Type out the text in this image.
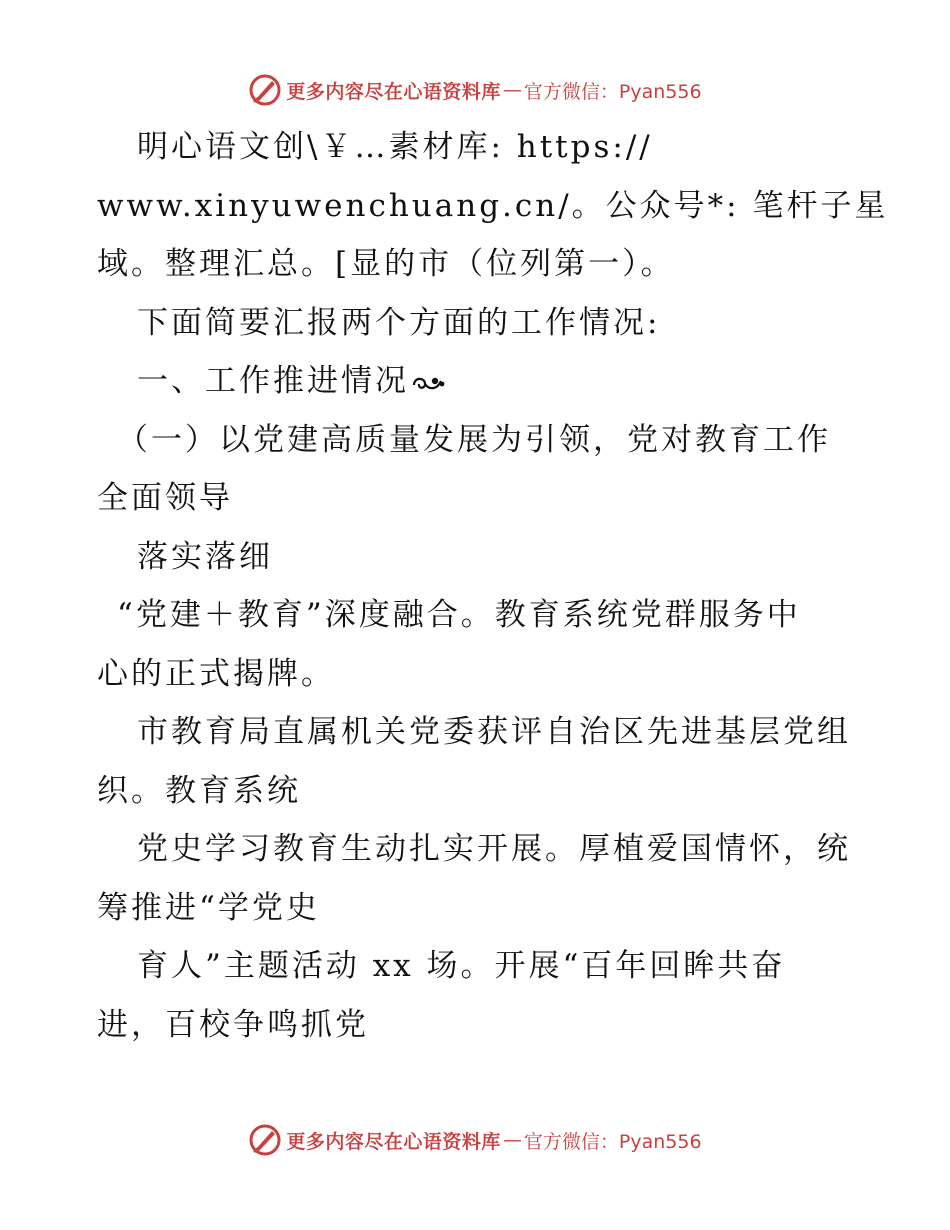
更多内容尽在心语资料库 — 官方微信：Pyan556
明心语文创\￥…素材库: https://
www.xinyuwenchuang.cn/。公众号*: 笔杆子星
域。整理汇总。[显的市（位列第一）。
下面简要汇报两个方面的工作情况:
一、工作推进情况
（一）以党建高质量发展为引领，党对教育工作
全面领导
落实落细
“党建＋教育”深度融合。教育系统党群服务中
心的正式揭牌。
市教育局直属机关党委获评自治区先进基层党组
织。教育系统
党史学习教育生动扎实开展。厚植爱国情怀，统
筹推进“学党史
育人”主题活动 xx 场。开展“百年回眸共奋
进，百校争鸣抓党
更多内容尽在心语资料库 — 官方微信：Pyan556
